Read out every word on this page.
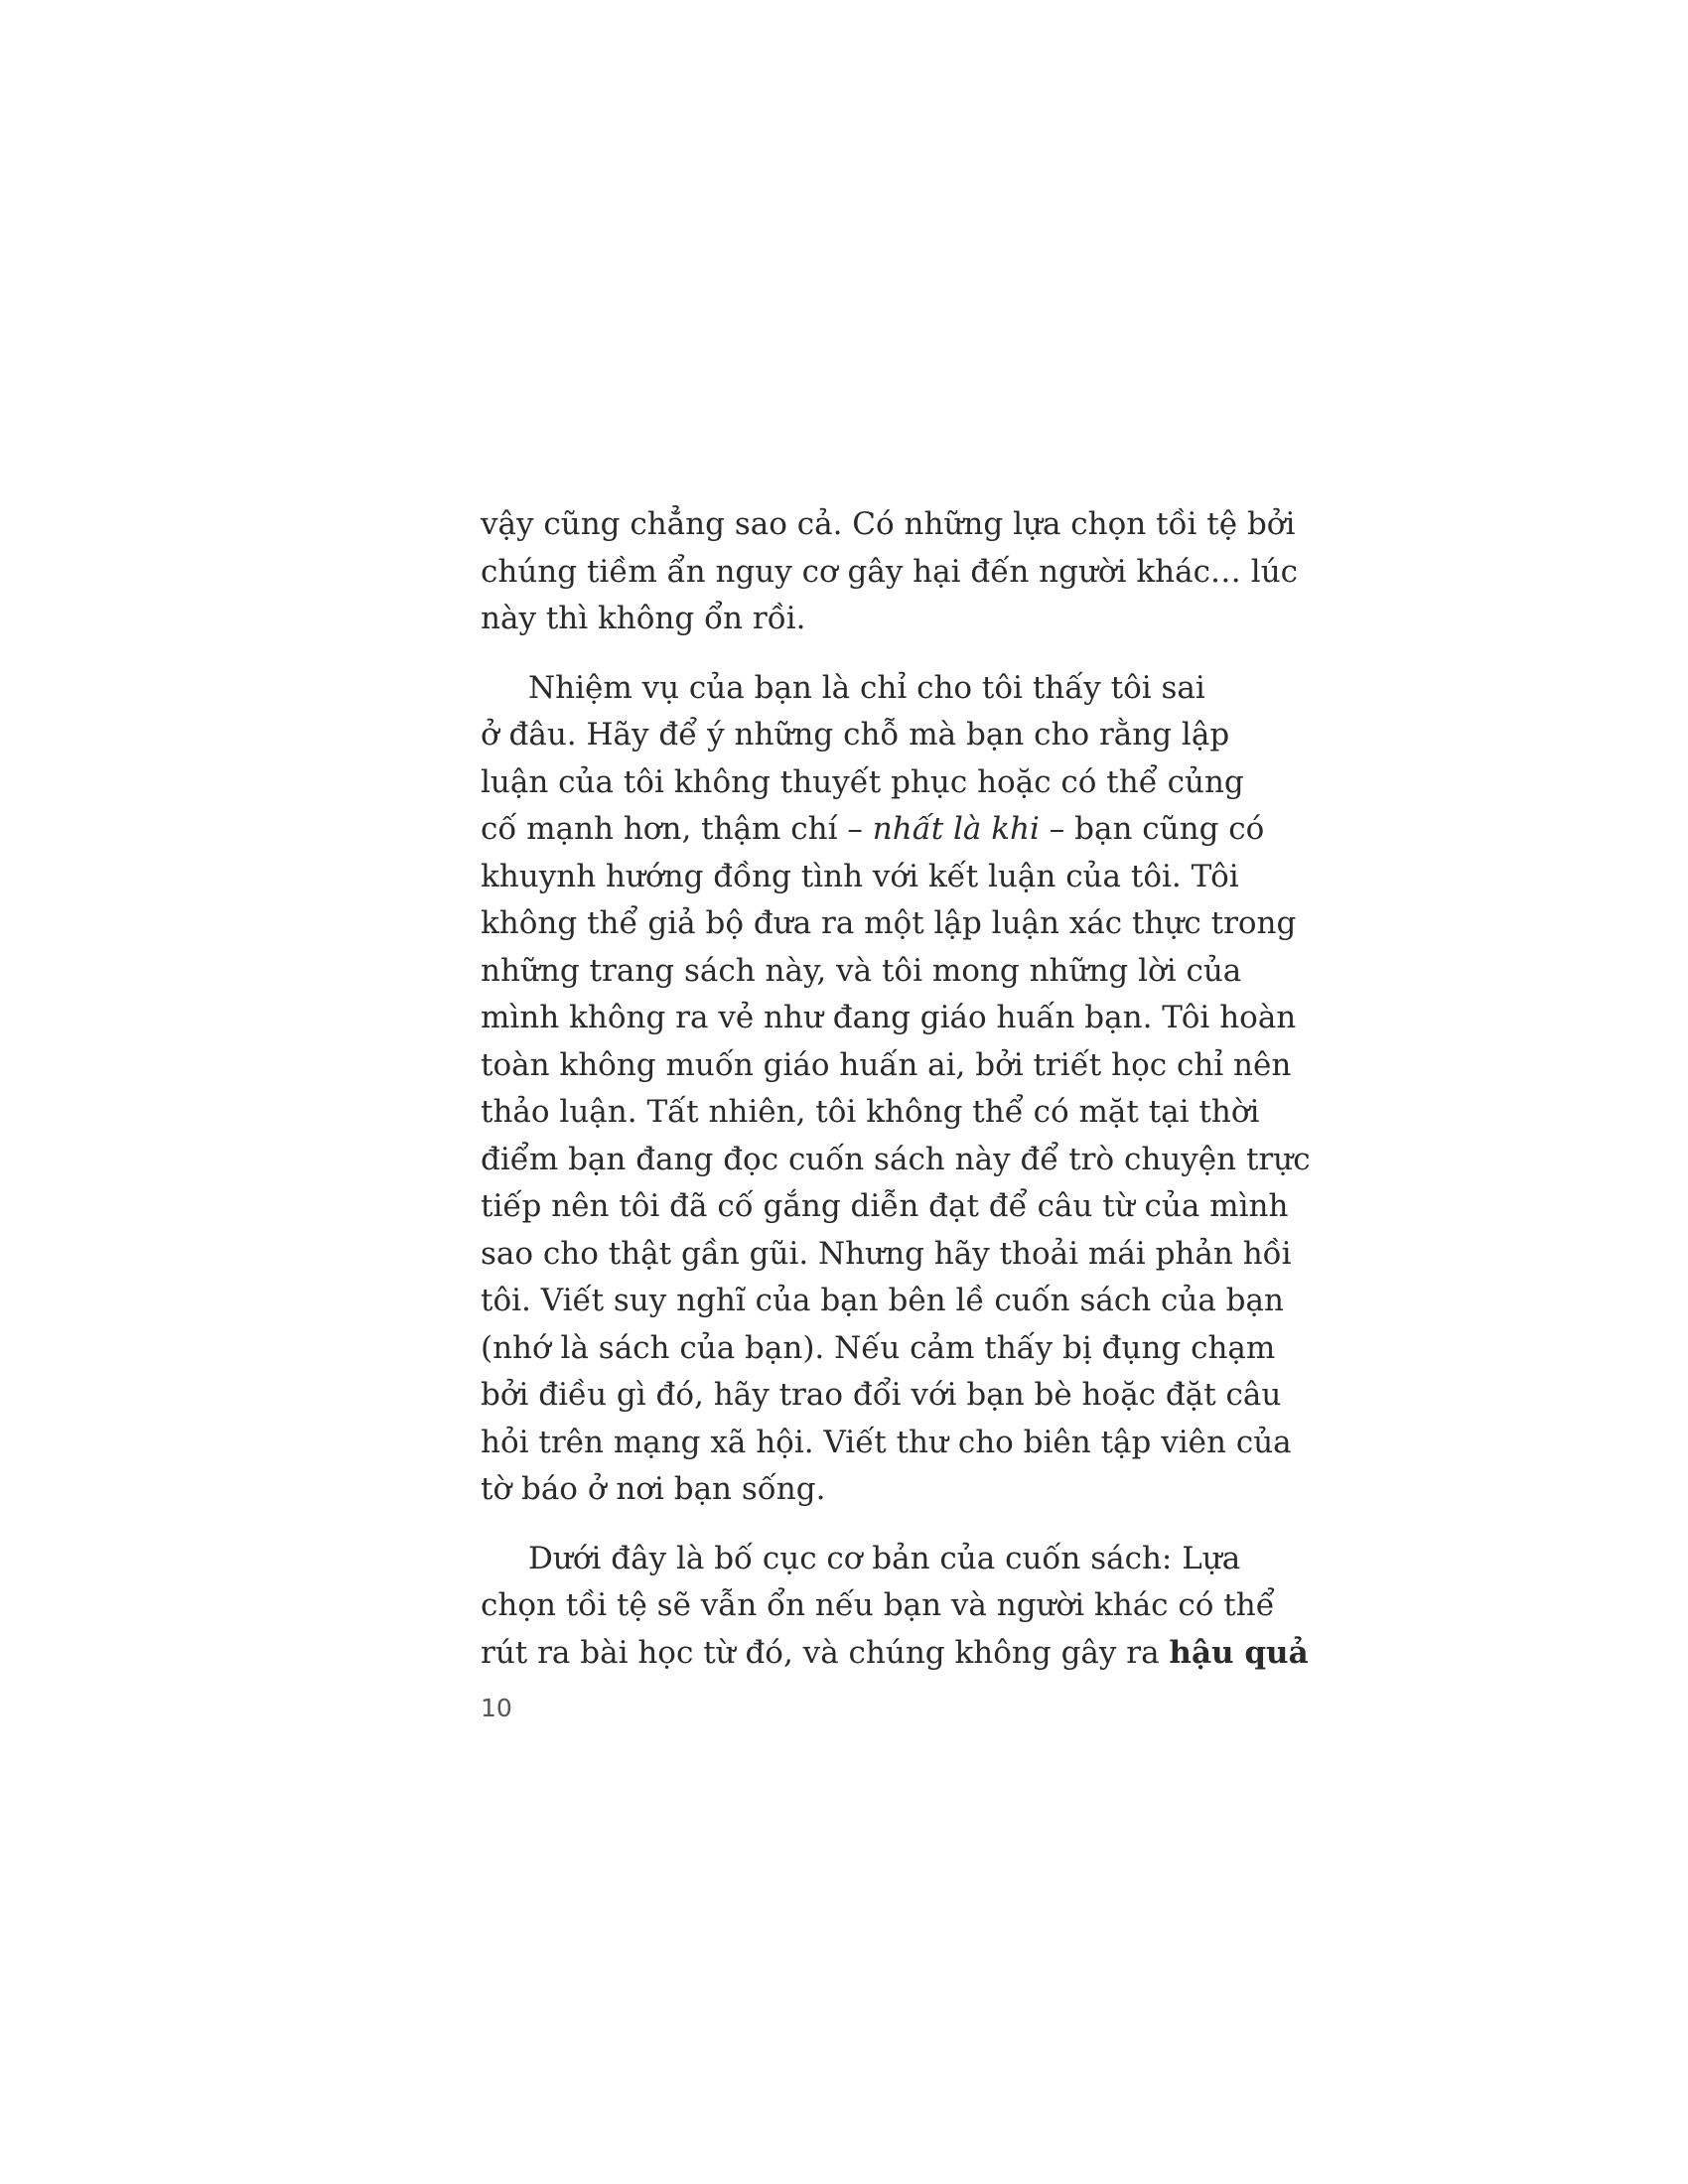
vậy cũng chẳng sao cả. Có những lựa chọn tồi tệ bởi
chúng tiềm ẩn nguy cơ gây hại đến người khác… lúc
này thì không ổn rồi.
Nhiệm vụ của bạn là chỉ cho tôi thấy tôi sai
ở đâu. Hãy để ý những chỗ mà bạn cho rằng lập
luận của tôi không thuyết phục hoặc có thể củng
cố mạnh hơn, thậm chí – nhất là khi – bạn cũng có
khuynh hướng đồng tình với kết luận của tôi. Tôi
không thể giả bộ đưa ra một lập luận xác thực trong
những trang sách này, và tôi mong những lời của
mình không ra vẻ như đang giáo huấn bạn. Tôi hoàn
toàn không muốn giáo huấn ai, bởi triết học chỉ nên
thảo luận. Tất nhiên, tôi không thể có mặt tại thời
điểm bạn đang đọc cuốn sách này để trò chuyện trực
tiếp nên tôi đã cố gắng diễn đạt để câu từ của mình
sao cho thật gần gũi. Nhưng hãy thoải mái phản hồi
tôi. Viết suy nghĩ của bạn bên lề cuốn sách của bạn
(nhớ là sách của bạn). Nếu cảm thấy bị đụng chạm
bởi điều gì đó, hãy trao đổi với bạn bè hoặc đặt câu
hỏi trên mạng xã hội. Viết thư cho biên tập viên của
tờ báo ở nơi bạn sống.
Dưới đây là bố cục cơ bản của cuốn sách: Lựa
chọn tồi tệ sẽ vẫn ổn nếu bạn và người khác có thể
rút ra bài học từ đó, và chúng không gây ra hậu quả
10
